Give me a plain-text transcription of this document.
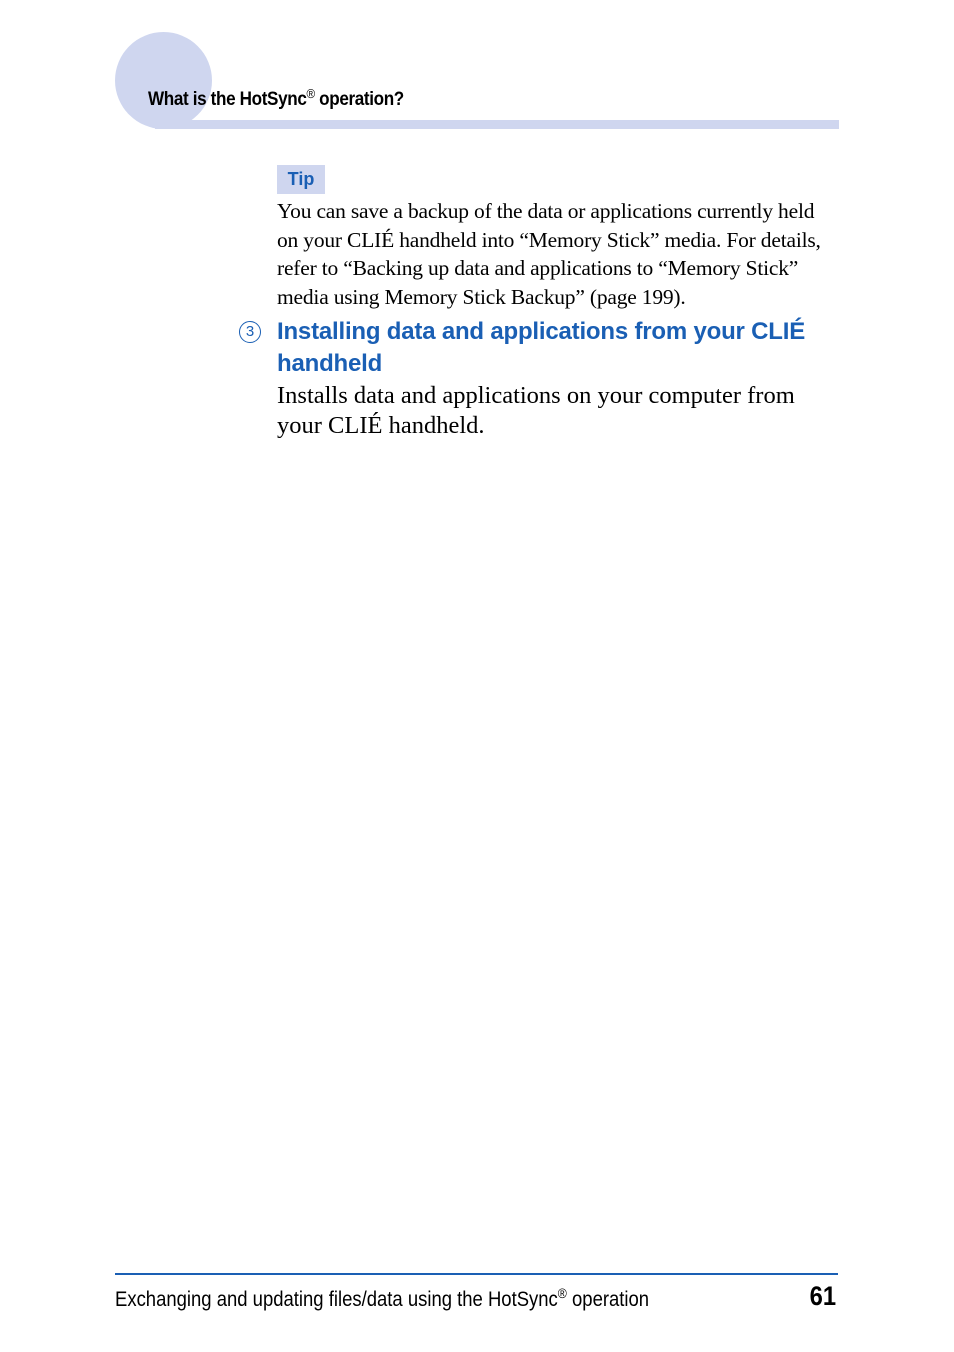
What is the HotSync® operation?
Tip
You can save a backup of the data or applications currently held on your CLIÉ handheld into “Memory Stick” media. For details, refer to “Backing up data and applications to “Memory Stick” media using Memory Stick Backup” (page 199).
3 Installing data and applications from your CLIÉ handheld
Installs data and applications on your computer from your CLIÉ handheld.
Exchanging and updating files/data using the HotSync® operation	61
